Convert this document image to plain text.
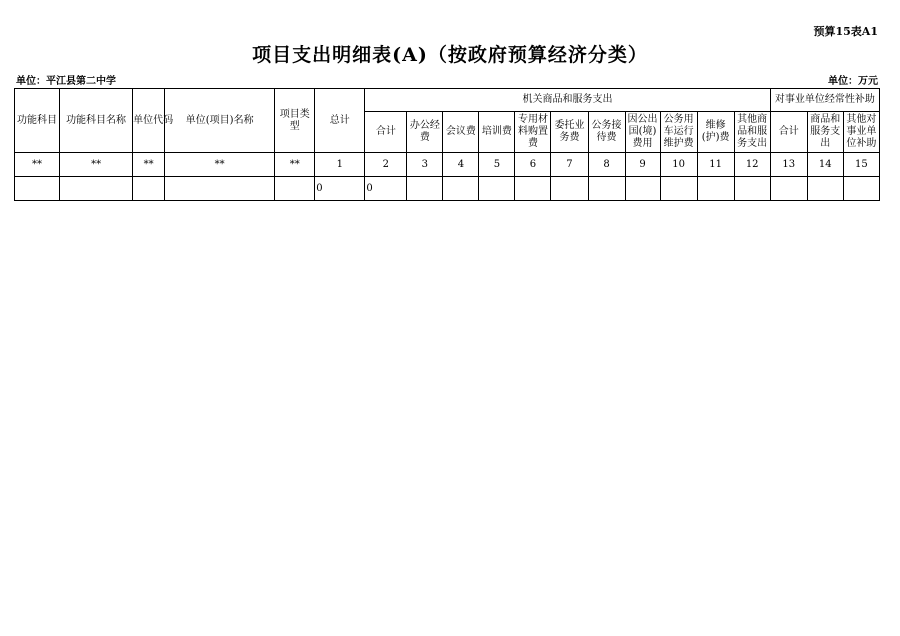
预算15表A1
项目支出明细表(A)（按政府预算经济分类）
单位：平江县第二中学	单位：万元
功能科目	功能科目名称	单位代码	单位(项目)名称	项目类型	总计	机关商品和服务支出											对事业单位经常性补助		
						合计	办公经费	会议费	培训费	专用材料购置费	委托业务费	公务接待费	因公出国(境)费用	公务用车运行维护费	维修(护)费	其他商品和服务支出	合计	商品和服务支出	其他对事业单位补助
**	**	**	**	**	1	2	3	4	5	6	7	8	9	10	11	12	13	14	15
					0	0													
